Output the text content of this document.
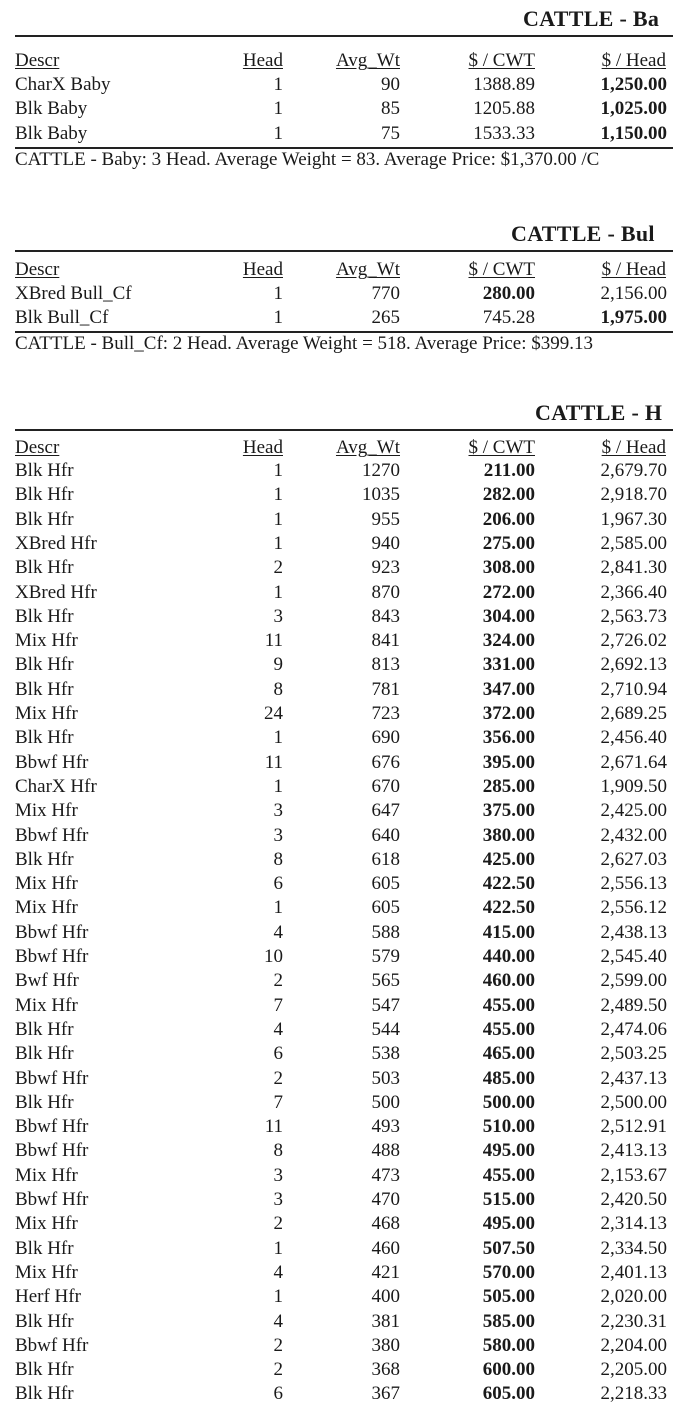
CATTLE - Ba
Descr	Head	Avg_Wt	$ / CWT	$ / Head
CharX Baby	1	90	1388.89	1,250.00
Blk Baby	1	85	1205.88	1,025.00
Blk Baby	1	75	1533.33	1,150.00
CATTLE - Baby: 3 Head. Average Weight = 83. Average Price: $1,370.00 /C
CATTLE - Bul
Descr	Head	Avg_Wt	$ / CWT	$ / Head
XBred Bull_Cf	1	770	280.00	2,156.00
Blk Bull_Cf	1	265	745.28	1,975.00
CATTLE - Bull_Cf: 2 Head. Average Weight = 518. Average Price: $399.13
CATTLE - H
Descr	Head	Avg_Wt	$ / CWT	$ / Head
Blk Hfr	1	1270	211.00	2,679.70
Blk Hfr	1	1035	282.00	2,918.70
Blk Hfr	1	955	206.00	1,967.30
XBred Hfr	1	940	275.00	2,585.00
Blk Hfr	2	923	308.00	2,841.30
XBred Hfr	1	870	272.00	2,366.40
Blk Hfr	3	843	304.00	2,563.73
Mix Hfr	11	841	324.00	2,726.02
Blk Hfr	9	813	331.00	2,692.13
Blk Hfr	8	781	347.00	2,710.94
Mix Hfr	24	723	372.00	2,689.25
Blk Hfr	1	690	356.00	2,456.40
Bbwf Hfr	11	676	395.00	2,671.64
CharX Hfr	1	670	285.00	1,909.50
Mix Hfr	3	647	375.00	2,425.00
Bbwf Hfr	3	640	380.00	2,432.00
Blk Hfr	8	618	425.00	2,627.03
Mix Hfr	6	605	422.50	2,556.13
Mix Hfr	1	605	422.50	2,556.12
Bbwf Hfr	4	588	415.00	2,438.13
Bbwf Hfr	10	579	440.00	2,545.40
Bwf Hfr	2	565	460.00	2,599.00
Mix Hfr	7	547	455.00	2,489.50
Blk Hfr	4	544	455.00	2,474.06
Blk Hfr	6	538	465.00	2,503.25
Bbwf Hfr	2	503	485.00	2,437.13
Blk Hfr	7	500	500.00	2,500.00
Bbwf Hfr	11	493	510.00	2,512.91
Bbwf Hfr	8	488	495.00	2,413.13
Mix Hfr	3	473	455.00	2,153.67
Bbwf Hfr	3	470	515.00	2,420.50
Mix Hfr	2	468	495.00	2,314.13
Blk Hfr	1	460	507.50	2,334.50
Mix Hfr	4	421	570.00	2,401.13
Herf Hfr	1	400	505.00	2,020.00
Blk Hfr	4	381	585.00	2,230.31
Bbwf Hfr	2	380	580.00	2,204.00
Blk Hfr	2	368	600.00	2,205.00
Blk Hfr	6	367	605.00	2,218.33
